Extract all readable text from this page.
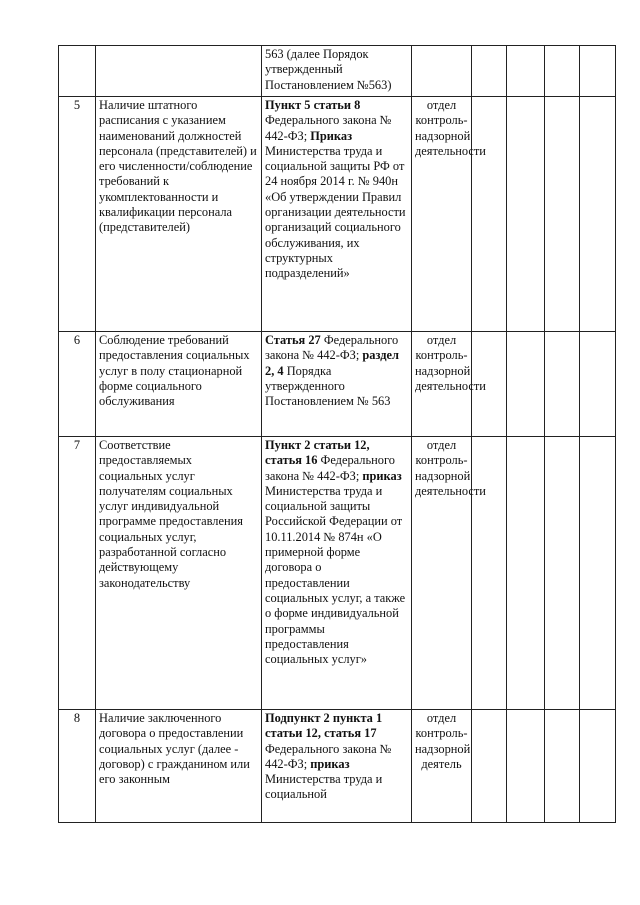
		563 (далее Порядок утвержденный Постановлением №563)					
5	Наличие штатного расписания с указанием наименований должностей персонала (представителей) и его численности/соблюдение требований к укомплектованности и квалификации персонала (представителей)	Пункт 5 статьи 8 Федерального закона № 442-ФЗ; Приказ Министерства труда и социальной защиты РФ от 24 ноября 2014 г. № 940н «Об утверждении Правил организации деятельности организаций социального обслуживания, их структурных подразделений»	отдел контроль-надзорной деятельности				
6	Соблюдение требований предоставления социальных услуг в полу стационарной форме социального обслуживания	Статья 27 Федерального закона № 442-ФЗ; раздел 2, 4 Порядка утвержденного Постановлением № 563	отдел контроль-надзорной деятельности				
7	Соответствие предоставляемых социальных услуг получателям социальных услуг индивидуальной программе предоставления социальных услуг, разработанной согласно действующему законодательству	Пункт 2 статьи 12, статья 16 Федерального закона № 442-ФЗ; приказ Министерства труда и социальной защиты Российской Федерации от 10.11.2014 № 874н «О примерной форме договора о предоставлении социальных услуг, а также о форме индивидуальной программы предоставления социальных услуг»	отдел контроль-надзорной деятельности				
8	Наличие заключенного договора о предоставлении социальных услуг (далее - договор) с гражданином или его законным	Подпункт 2 пункта 1 статьи 12, статья 17 Федерального закона № 442-ФЗ; приказ Министерства труда и социальной	отдел контроль-надзорной деятель				
